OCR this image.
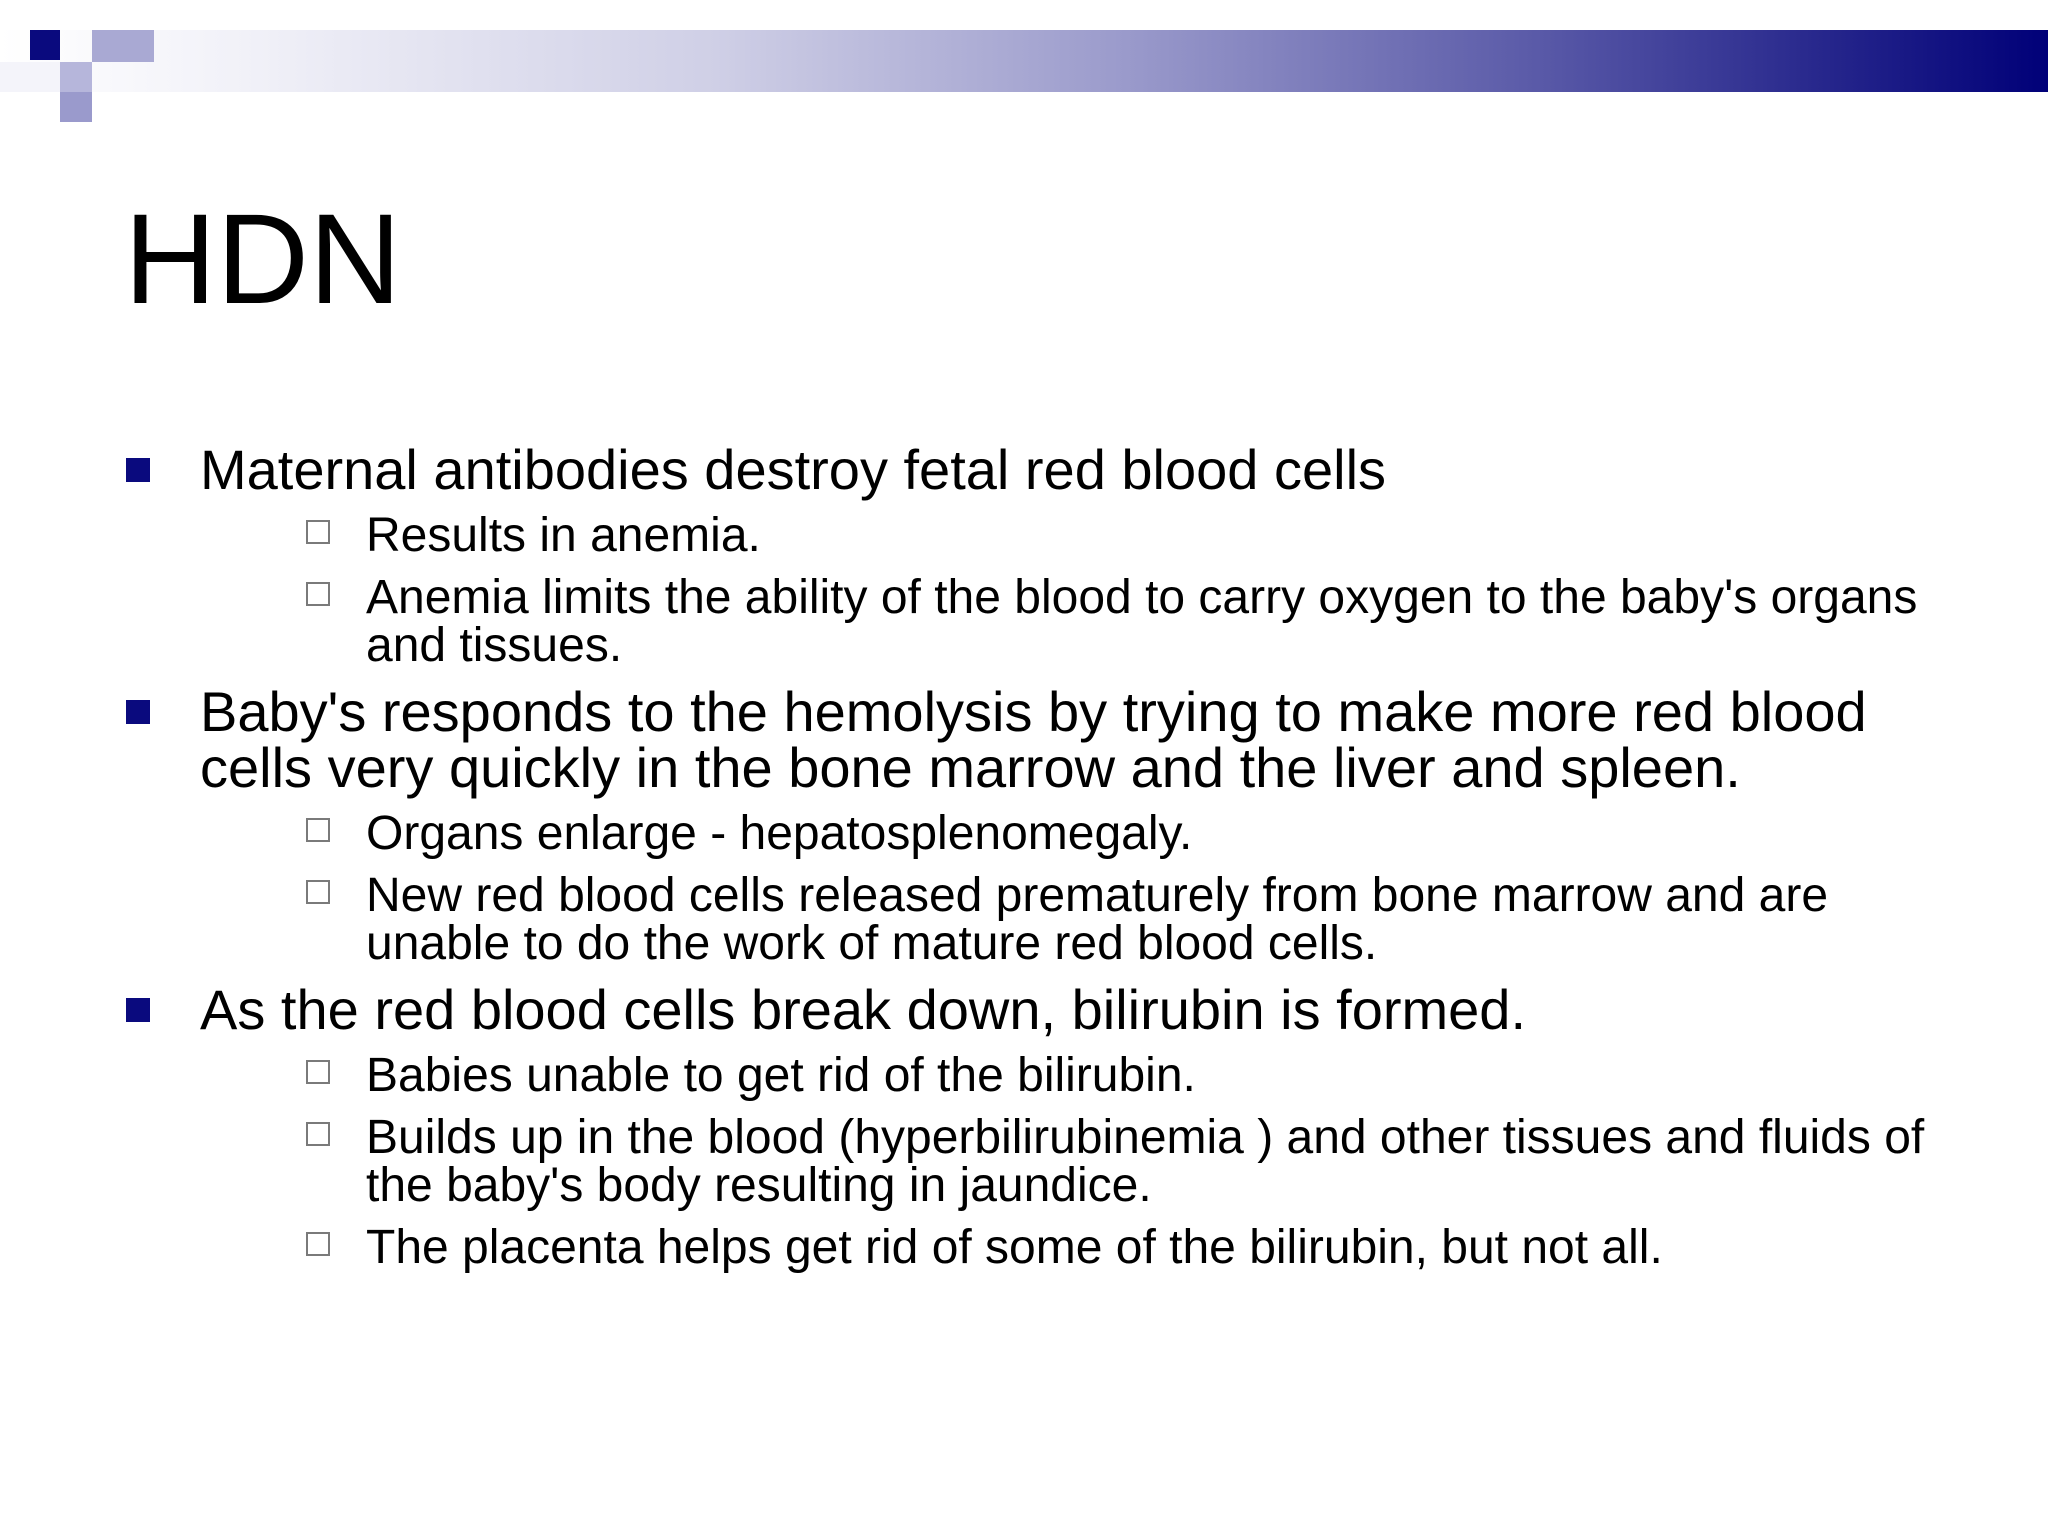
HDN
Maternal antibodies destroy fetal red blood cells
Results in anemia.
Anemia limits the ability of the blood to carry oxygen to the baby's organs and tissues.
Baby's responds to the hemolysis by trying to make more red blood cells very quickly in the bone marrow and the liver and spleen.
Organs enlarge - hepatosplenomegaly.
New red blood cells released prematurely from bone marrow and are unable to do the work of mature red blood cells.
As the red blood cells break down, bilirubin is formed.
Babies unable to get rid of the bilirubin.
Builds up in the blood (hyperbilirubinemia ) and other tissues and fluids of the baby's body resulting in jaundice.
The placenta helps get rid of some of the bilirubin, but not all.
